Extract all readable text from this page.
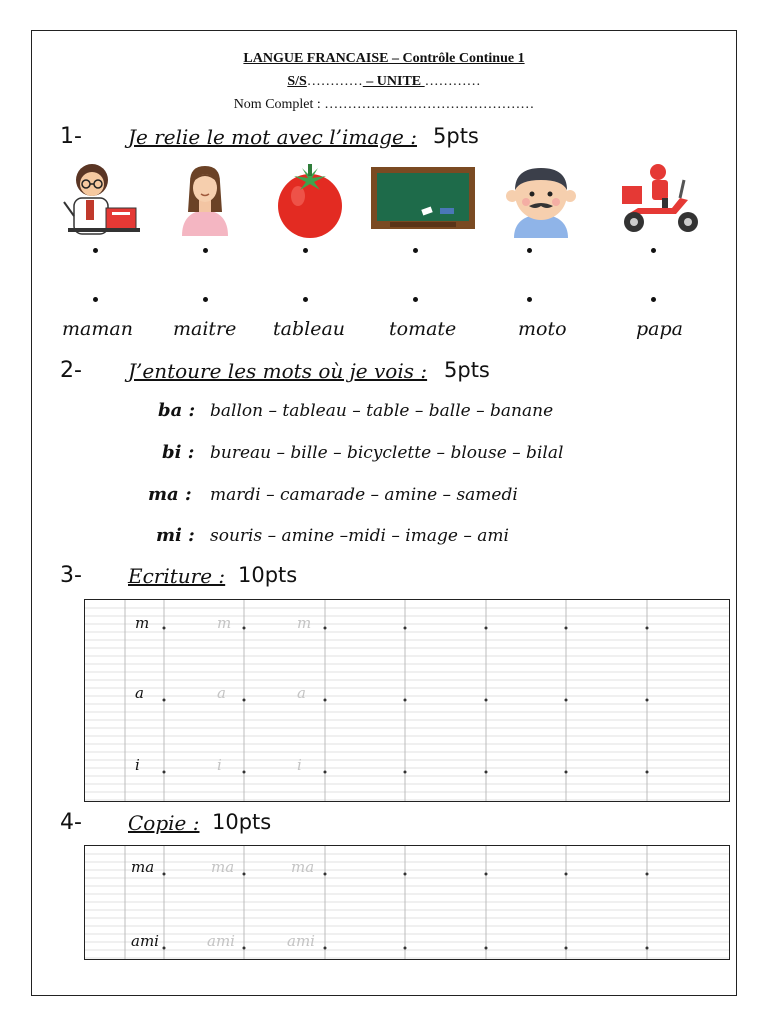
LANGUE FRANCAISE – Contrôle Continue 1
S/S………… – UNITE …………
Nom Complet : ………………………………………
1- Je relie le mot avec l’image : 5pts
maman maitre tableau tomate	moto	papa
2- J’entoure les mots où je vois : 5pts
ba : ballon – tableau – table – balle – banane
bi : bureau – bille – bicyclette – blouse – bilal
ma : mardi – camarade – amine – samedi
mi : souris – amine –midi – image – ami
3- Ecriture : 10pts
m	m	m
a	a	a
i	i	i
4- Copie : 10pts
ma	ma	ma
ami	ami	ami
